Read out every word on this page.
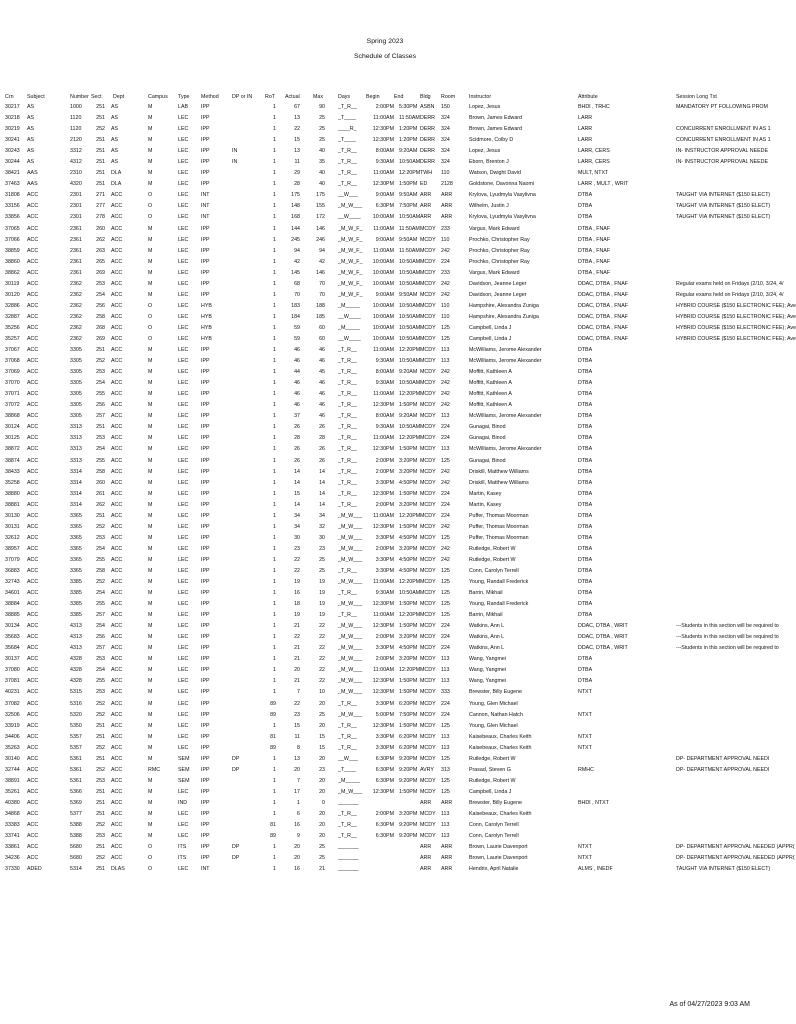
Spring 2023
Schedule of Classes
Crn	Subject	Number Sect Dept	Campus Type Method	DP or IN RoT Actual	Max	Days	Begin	End	Bldg Room	Instructor	Attribute	Session Long Txt
30217	AS	1000	251 AS	M	LAB	IPP	1	67	90 _T_R__	2:00PM 5:30PM ASBN	150	Lopez, Jesus	BHDI , TRHC	MANDATORY PT FOLLOWING PROM
30218	AS	1120	251 AS	M	LEC	IPP	1	13	25 _T____	11:00AM 11:50AM DERR	324	Brown, James Edward	LARR
30219	AS	1120	252 AS	M	LEC	IPP	1	22	25 ____R_	12:30PM 1:20PM DERR	324	Brown, James Edward	LARR	CONCURRENT ENROLLMENT IN AS 1
30241	AS	2120	251 AS	M	LEC	IPP	1	15	25 _T____	12:30PM 1:20PM DERR	324	Scidmore, Colby D	LARR	CONCURRENT ENROLLMENT IN AS 1
30243	AS	3312	251 AS	M	LEC	IPP	IN	1	13	40 _T_R__	8:00AM 9:20AM DERR	324	Lopez, Jesus	LARR, CERS	IN- INSTRUCTOR APPROVAL NEEDE
30244	AS	4312	251 AS	M	LEC	IPP	IN	1	11	35 _T_R__	9:30AM 10:50AM DERR	324	Eborn, Brenton J	LARR, CERS	IN- INSTRUCTOR APPROVAL NEEDE
38421	AAS	2310	251 DLA	M	LEC	IPP	1	29	40 _T_R__	11:00AM 12:20PM TWH	110	Watson, Dwight David	MULT, NTXT
37463	AAS	4320	251 DLA	M	LEC	IPP	1	28	40 _T_R__	12:30PM 1:50PM ED	2128	Goldstone, Davonna Naomi	LARR , MULT , WRIT
31808	ACC	2301	271 ACC	O	LEC	INT	1	175	175 __W___	9:00AM 9:50AM ARR	ARR	Krylova, Lyudmyla Vasylivna	DTBA	TAUGHT VIA INTERNET ($150 ELECT)
33156	ACC	2301	277 ACC	O	LEC	INT	1	148	155 _M_W___	6:30PM 7:50PM ARR	ARR	Wilhelm, Justin J	DTBA	TAUGHT VIA INTERNET ($150 ELECT)
33856	ACC	2301	278 ACC	O	LEC	INT	1	168	172 __W____	10:00AM 10:50AM ARR	ARR	Krylova, Lyudmyla Vasylivna	DTBA	TAUGHT VIA INTERNET ($150 ELECT)
37065	ACC	2361	260 ACC	M	LEC	IPP	1	144	146 _M_W_F_	11:00AM 11:50AM MCDY	233	Vargus, Mark Edward	DTBA , FNAF
37066	ACC	2361	262 ACC	M	LEC	IPP	1	245	246 _M_W_F_	9:00AM 9:50AM MCDY	110	Prochko, Christopher Ray	DTBA , FNAF
38859	ACC	2361	263 ACC	M	LEC	IPP	1	94	94 _M_W_F_	11:00AM 11:50AM MCDY	242	Prochko, Christopher Ray	DTBA , FNAF
38860	ACC	2361	265 ACC	M	LEC	IPP	1	42	42 _M_W_F_	10:00AM 10:50AM MCDY	224	Prochko, Christopher Ray	DTBA , FNAF
38862	ACC	2361	269 ACC	M	LEC	IPP	1	145	146 _M_W_F_	10:00AM 10:50AM MCDY	233	Vargus, Mark Edward	DTBA , FNAF
30119	ACC	2362	253 ACC	M	LEC	IPP	1	68	70 _M_W_F_	10:00AM 10:50AM MCDY	242	Davidson, Jeanne Leger	DDAC, DTBA , FNAF	Regular exams held on Fridays (2/10, 3/24, 4/
30120	ACC	2362	254 ACC	M	LEC	IPP	1	70	70 _M_W_F_	9:00AM 9:50AM MCDY	242	Davidson, Jeanne Leger	DDAC, DTBA , FNAF	Regular exams held on Fridays (2/10, 3/24, 4/
32886	ACC	2362	256 ACC	O	LEC	HYB	1	183	188 _M_____	10:00AM 10:50AM MCDY	110	Hampshire, Alexandra Zuniga	DDAC, DTBA , FNAF	HYBRID COURSE ($150 ELECTRONIC FEE); Ave
32887	ACC	2362	258 ACC	O	LEC	HYB	1	184	185 __W____	10:00AM 10:50AM MCDY	110	Hampshire, Alexandra Zuniga	DDAC, DTBA , FNAF	HYBRID COURSE ($150 ELECTRONIC FEE); Ave
35256	ACC	2362	268 ACC	O	LEC	HYB	1	59	60 _M_____	10:00AM 10:50AM MCDY	125	Campbell, Linda J	DDAC, DTBA , FNAF	HYBRID COURSE ($150 ELECTRONIC FEE); Ave
35257	ACC	2362	269 ACC	O	LEC	HYB	1	59	60 __W____	10:00AM 10:50AM MCDY	125	Campbell, Linda J	DDAC, DTBA , FNAF	HYBRID COURSE ($150 ELECTRONIC FEE); Ave
37067	ACC	3305	251 ACC	M	LEC	IPP	1	46	46 _T_R__	11:00AM 12:20PM MCDY	113	McWilliams, Jerome Alexander	DTBA
37068	ACC	3305	252 ACC	M	LEC	IPP	1	46	46 _T_R__	9:30AM 10:50AM MCDY	113	McWilliams, Jerome Alexander	DTBA
37069	ACC	3305	253 ACC	M	LEC	IPP	1	44	45 _T_R__	8:00AM 9:20AM MCDY	242	Moffitt, Kathleen A	DTBA
37070	ACC	3305	254 ACC	M	LEC	IPP	1	46	46 _T_R__	9:30AM 10:50AM MCDY	242	Moffitt, Kathleen A	DTBA
37071	ACC	3305	255 ACC	M	LEC	IPP	1	46	46 _T_R__	11:00AM 12:20PM MCDY	242	Moffitt, Kathleen A	DTBA
37072	ACC	3305	256 ACC	M	LEC	IPP	1	46	46 _T_R__	12:30PM 1:50PM MCDY	242	Moffitt, Kathleen A	DTBA
38868	ACC	3305	257 ACC	M	LEC	IPP	1	37	46 _T_R__	8:00AM 9:20AM MCDY	113	McWilliams, Jerome Alexander	DTBA
30124	ACC	3313	251 ACC	M	LEC	IPP	1	26	26 _T_R__	9:30AM 10:50AM MCDY	224	Gunagai, Binod	DTBA
30125	ACC	3313	253 ACC	M	LEC	IPP	1	28	28 _T_R__	11:00AM 12:20PM MCDY	224	Gunagai, Binod	DTBA
38872	ACC	3313	254 ACC	M	LEC	IPP	1	26	26 _T_R__	12:30PM 1:50PM MCDY	113	McWilliams, Jerome Alexander	DTBA
38874	ACC	3313	255 ACC	M	LEC	IPP	1	26	26 _T_R__	2:00PM 3:20PM MCDY	125	Gunagai, Binod	DTBA
38433	ACC	3314	258 ACC	M	LEC	IPP	1	14	14 _T_R__	2:00PM 3:20PM MCDY	242	Driskill, Matthew Williams	DTBA
35258	ACC	3314	260 ACC	M	LEC	IPP	1	14	14 _T_R__	3:30PM 4:50PM MCDY	242	Driskill, Matthew Williams	DTBA
38880	ACC	3314	261 ACC	M	LEC	IPP	1	15	14 _T_R__	12:30PM 1:50PM MCDY	224	Martin, Kasey	DTBA
38881	ACC	3314	262 ACC	M	LEC	IPP	1	14	14 _T_R__	2:00PM 3:20PM MCDY	224	Martin, Kasey	DTBA
30130	ACC	3365	251 ACC	M	LEC	IPP	1	34	34 _M_W___	11:00AM 12:20PM MCDY	224	Puffer, Thomas Moorman	DTBA
30131	ACC	3365	252 ACC	M	LEC	IPP	1	34	32 _M_W___	12:30PM 1:50PM MCDY	242	Puffer, Thomas Moorman	DTBA
32612	ACC	3365	253 ACC	M	LEC	IPP	1	30	30 _M_W___	3:30PM 4:50PM MCDY	125	Puffer, Thomas Moorman	DTBA
38957	ACC	3365	254 ACC	M	LEC	IPP	1	23	23 _M_W___	2:00PM 3:20PM MCDY	242	Rutledge, Robert W	DTBA
37079	ACC	3365	255 ACC	M	LEC	IPP	1	22	25 _M_W___	3:30PM 4:50PM MCDY	242	Rutledge, Robert W	DTBA
36883	ACC	3365	258 ACC	M	LEC	IPP	1	22	25 _T_R__	3:30PM 4:50PM MCDY	125	Conn, Carolyn Terrell	DTBA
32743	ACC	3385	252 ACC	M	LEC	IPP	1	19	19 _M_W___	11:00AM 12:20PM MCDY	125	Young, Randall Frederick	DTBA
34601	ACC	3385	254 ACC	M	LEC	IPP	1	16	19 _T_R__	9:30AM 10:50AM MCDY	125	Barrin, Mikhail	DTBA
38884	ACC	3385	255 ACC	M	LEC	IPP	1	18	19 _M_W___	12:30PM 1:50PM MCDY	125	Young, Randall Frederick	DTBA
38885	ACC	3385	257 ACC	M	LEC	IPP	1	19	19 _T_R__	11:00AM 12:20PM MCDY	125	Barrin, Mikhail	DTBA
30134	ACC	4313	254 ACC	M	LEC	IPP	1	21	22 _M_W___	12:30PM 1:50PM MCDY	224	Watkins, Ann L	DDAC, DTBA , WRIT	---Students in this section will be required to
35683	ACC	4313	256 ACC	M	LEC	IPP	1	22	22 _M_W___	2:00PM 3:20PM MCDY	224	Watkins, Ann L	DDAC, DTBA , WRIT	---Students in this section will be required to
35684	ACC	4313	257 ACC	M	LEC	IPP	1	21	22 _M_W___	3:30PM 4:50PM MCDY	224	Watkins, Ann L	DDAC, DTBA , WRIT	---Students in this section will be required to
30137	ACC	4328	253 ACC	M	LEC	IPP	1	21	22 _M_W___	2:00PM 3:20PM MCDY	113	Wang, Yangmei	DTBA
37080	ACC	4328	254 ACC	M	LEC	IPP	1	20	22 _M_W___	11:00AM 12:20PM MCDY	113	Wang, Yangmei	DTBA
37081	ACC	4328	255 ACC	M	LEC	IPP	1	21	22 _M_W___	12:30PM 1:50PM MCDY	113	Wang, Yangmei	DTBA
40231	ACC	5315	253 ACC	M	LEC	IPP	1	7	10 _M_W___	12:30PM 1:50PM MCDY	333	Brewster, Billy Eugene	NTXT
37082	ACC	5316	252 ACC	M	LEC	IPP	89	22	20 _T_R__	3:30PM 6:20PM MCDY	224	Young, Glen Michael
32506	ACC	5320	252 ACC	M	LEC	IPP	89	23	25 _M_W___	5:00PM 7:50PM MCDY	224	Cannon, Nathan Hatch	NTXT
33919	ACC	5350	251 ACC	M	LEC	IPP	1	15	20 _T_R__	12:30PM 1:50PM MCDY	125	Young, Glen Michael
34406	ACC	5357	251 ACC	M	LEC	IPP	81	11	15 _T_R__	3:30PM 6:20PM MCDY	113	Kaisebeaux, Charles Keith	NTXT
35263	ACC	5357	252 ACC	M	LEC	IPP	89	8	15 _T_R__	3:30PM 6:20PM MCDY	113	Kaisebeaux, Charles Keith	NTXT
30140	ACC	5361	251 ACC	M	SEM	IPP	DP	1	13	20 __W___	6:30PM 9:20PM MCDY	125	Rutledge, Robert W	DP- DEPARTMENT APPROVAL NEEDI
32744	ACC	5361	252 ACC	RMC	SEM	IPP	DP	1	20	23 _T____	6:30PM 9:20PM AVRY	313	Prasad, Steven G	RMHC	DP- DEPARTMENT APPROVAL NEEDI
38891	ACC	5361	253 ACC	M	SEM	IPP	1	7	20 _M_____	6:30PM 9:20PM MCDY	125	Rutledge, Robert W
35261	ACC	5366	251 ACC	M	LEC	IPP	1	17	20 _M_W___	12:30PM 1:50PM MCDY	125	Campbell, Linda J
40380	ACC	5369	251 ACC	M	IND	IPP	1	1	0 _______	ARR	ARR	Brewster, Billy Eugene	BHDI , NTXT
34868	ACC	5377	251 ACC	M	LEC	IPP	1	6	20 _T_R__	2:00PM 3:20PM MCDY	113	Kaisebeaux, Charles Keith
33383	ACC	5388	252 ACC	M	LEC	IPP	81	16	20 _T_R__	6:30PM 9:20PM MCDY	113	Conn, Carolyn Terrell
33741	ACC	5388	253 ACC	M	LEC	IPP	89	9	20 _T_R__	6:30PM 9:20PM MCDY	113	Conn, Carolyn Terrell
33861	ACC	5680	251 ACC	O	ITS	IPP	DP	1	20	25 _______	ARR	ARR	Brown, Laurie Davenport	NTXT	DP- DEPARTMENT APPROVAL NEEDED (APPR(
34236	ACC	5680	252 ACC	O	ITS	IPP	DP	1	20	25 _______	ARR	ARR	Brown, Laurie Davenport	NTXT	DP- DEPARTMENT APPROVAL NEEDED (APPR(
37330	ADED	5314	251 DLAS	O	LEC	INT	1	16	21 _______	ARR	ARR	Hendrix, April Natalie	ALMS , INEDF	TAUGHT VIA INTERNET ($150 ELECT)
As of 04/27/2023 9:03 AM
